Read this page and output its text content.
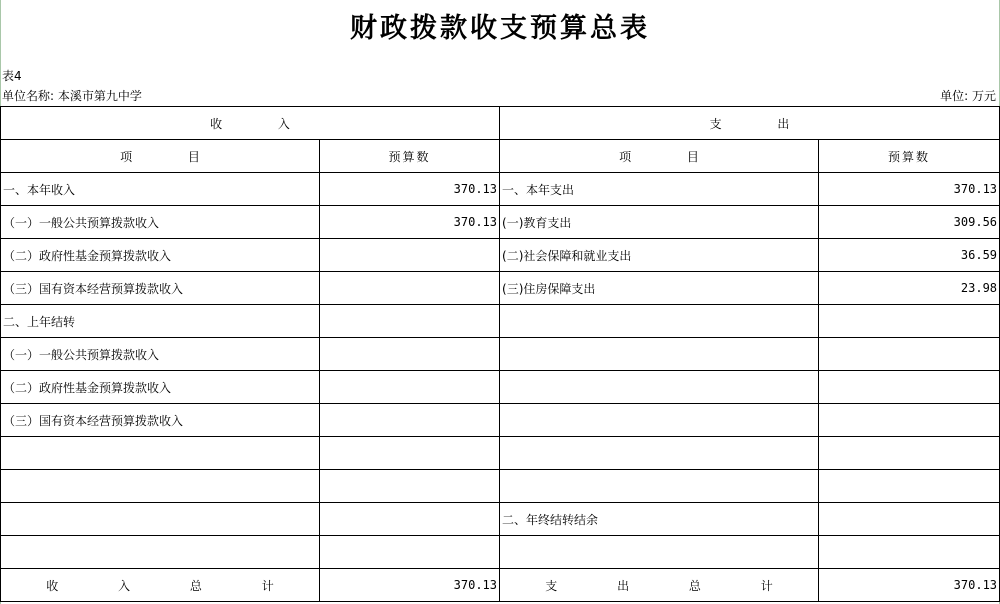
财政拨款收支预算总表
表4
单位名称: 本溪市第九中学	单位: 万元
收 入		支 出	
项 目	预算数	项 目	预算数
一、本年收入	370.13	一、本年支出	370.13
（一）一般公共预算拨款收入	370.13	(一)教育支出	309.56
（二）政府性基金预算拨款收入		(二)社会保障和就业支出	36.59
（三）国有资本经营预算拨款收入		(三)住房保障支出	23.98
二、上年结转			
（一）一般公共预算拨款收入			
（二）政府性基金预算拨款收入			
（三）国有资本经营预算拨款收入			

		二、年终结转结余	

收 入 总 计	370.13	支 出 总 计	370.13
